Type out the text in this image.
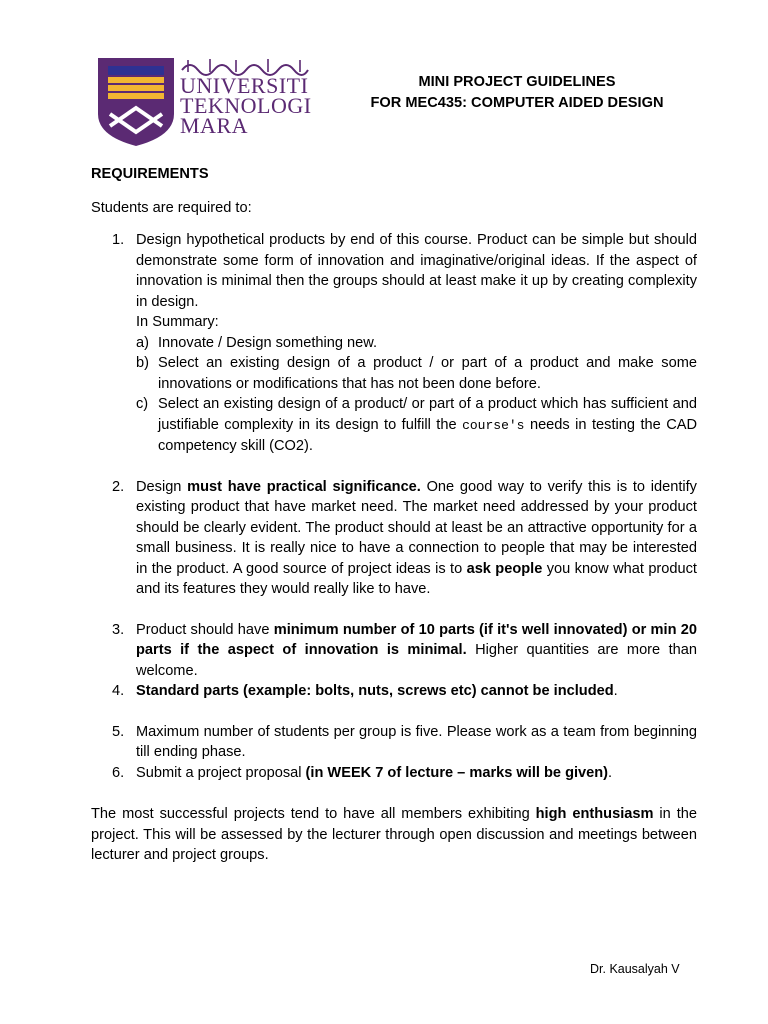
UNIVERSITI
TEKNOLOGI
MARA
MINI PROJECT GUIDELINES
FOR MEC435: COMPUTER AIDED DESIGN
REQUIREMENTS
Students are required to:
1. Design hypothetical products by end of this course. Product can be simple but should demonstrate some form of innovation and imaginative/original ideas. If the aspect of innovation is minimal then the groups should at least make it up by creating complexity in design.
In Summary:
a) Innovate / Design something new.
b) Select an existing design of a product / or part of a product and make some innovations or modifications that has not been done before.
c) Select an existing design of a product/ or part of a product which has sufficient and justifiable complexity in its design to fulfill the course's needs in testing the CAD competency skill (CO2).
2. Design must have practical significance. One good way to verify this is to identify existing product that have market need. The market need addressed by your product should be clearly evident. The product should at least be an attractive opportunity for a small business. It is really nice to have a connection to people that may be interested in the product. A good source of project ideas is to ask people you know what product and its features they would really like to have.
3. Product should have minimum number of 10 parts (if it's well innovated) or min 20 parts if the aspect of innovation is minimal. Higher quantities are more than welcome.
4. Standard parts (example: bolts, nuts, screws etc) cannot be included.
5. Maximum number of students per group is five. Please work as a team from beginning till ending phase.
6. Submit a project proposal (in WEEK 7 of lecture – marks will be given).
The most successful projects tend to have all members exhibiting high enthusiasm in the project. This will be assessed by the lecturer through open discussion and meetings between lecturer and project groups.
Dr. Kausalyah V
